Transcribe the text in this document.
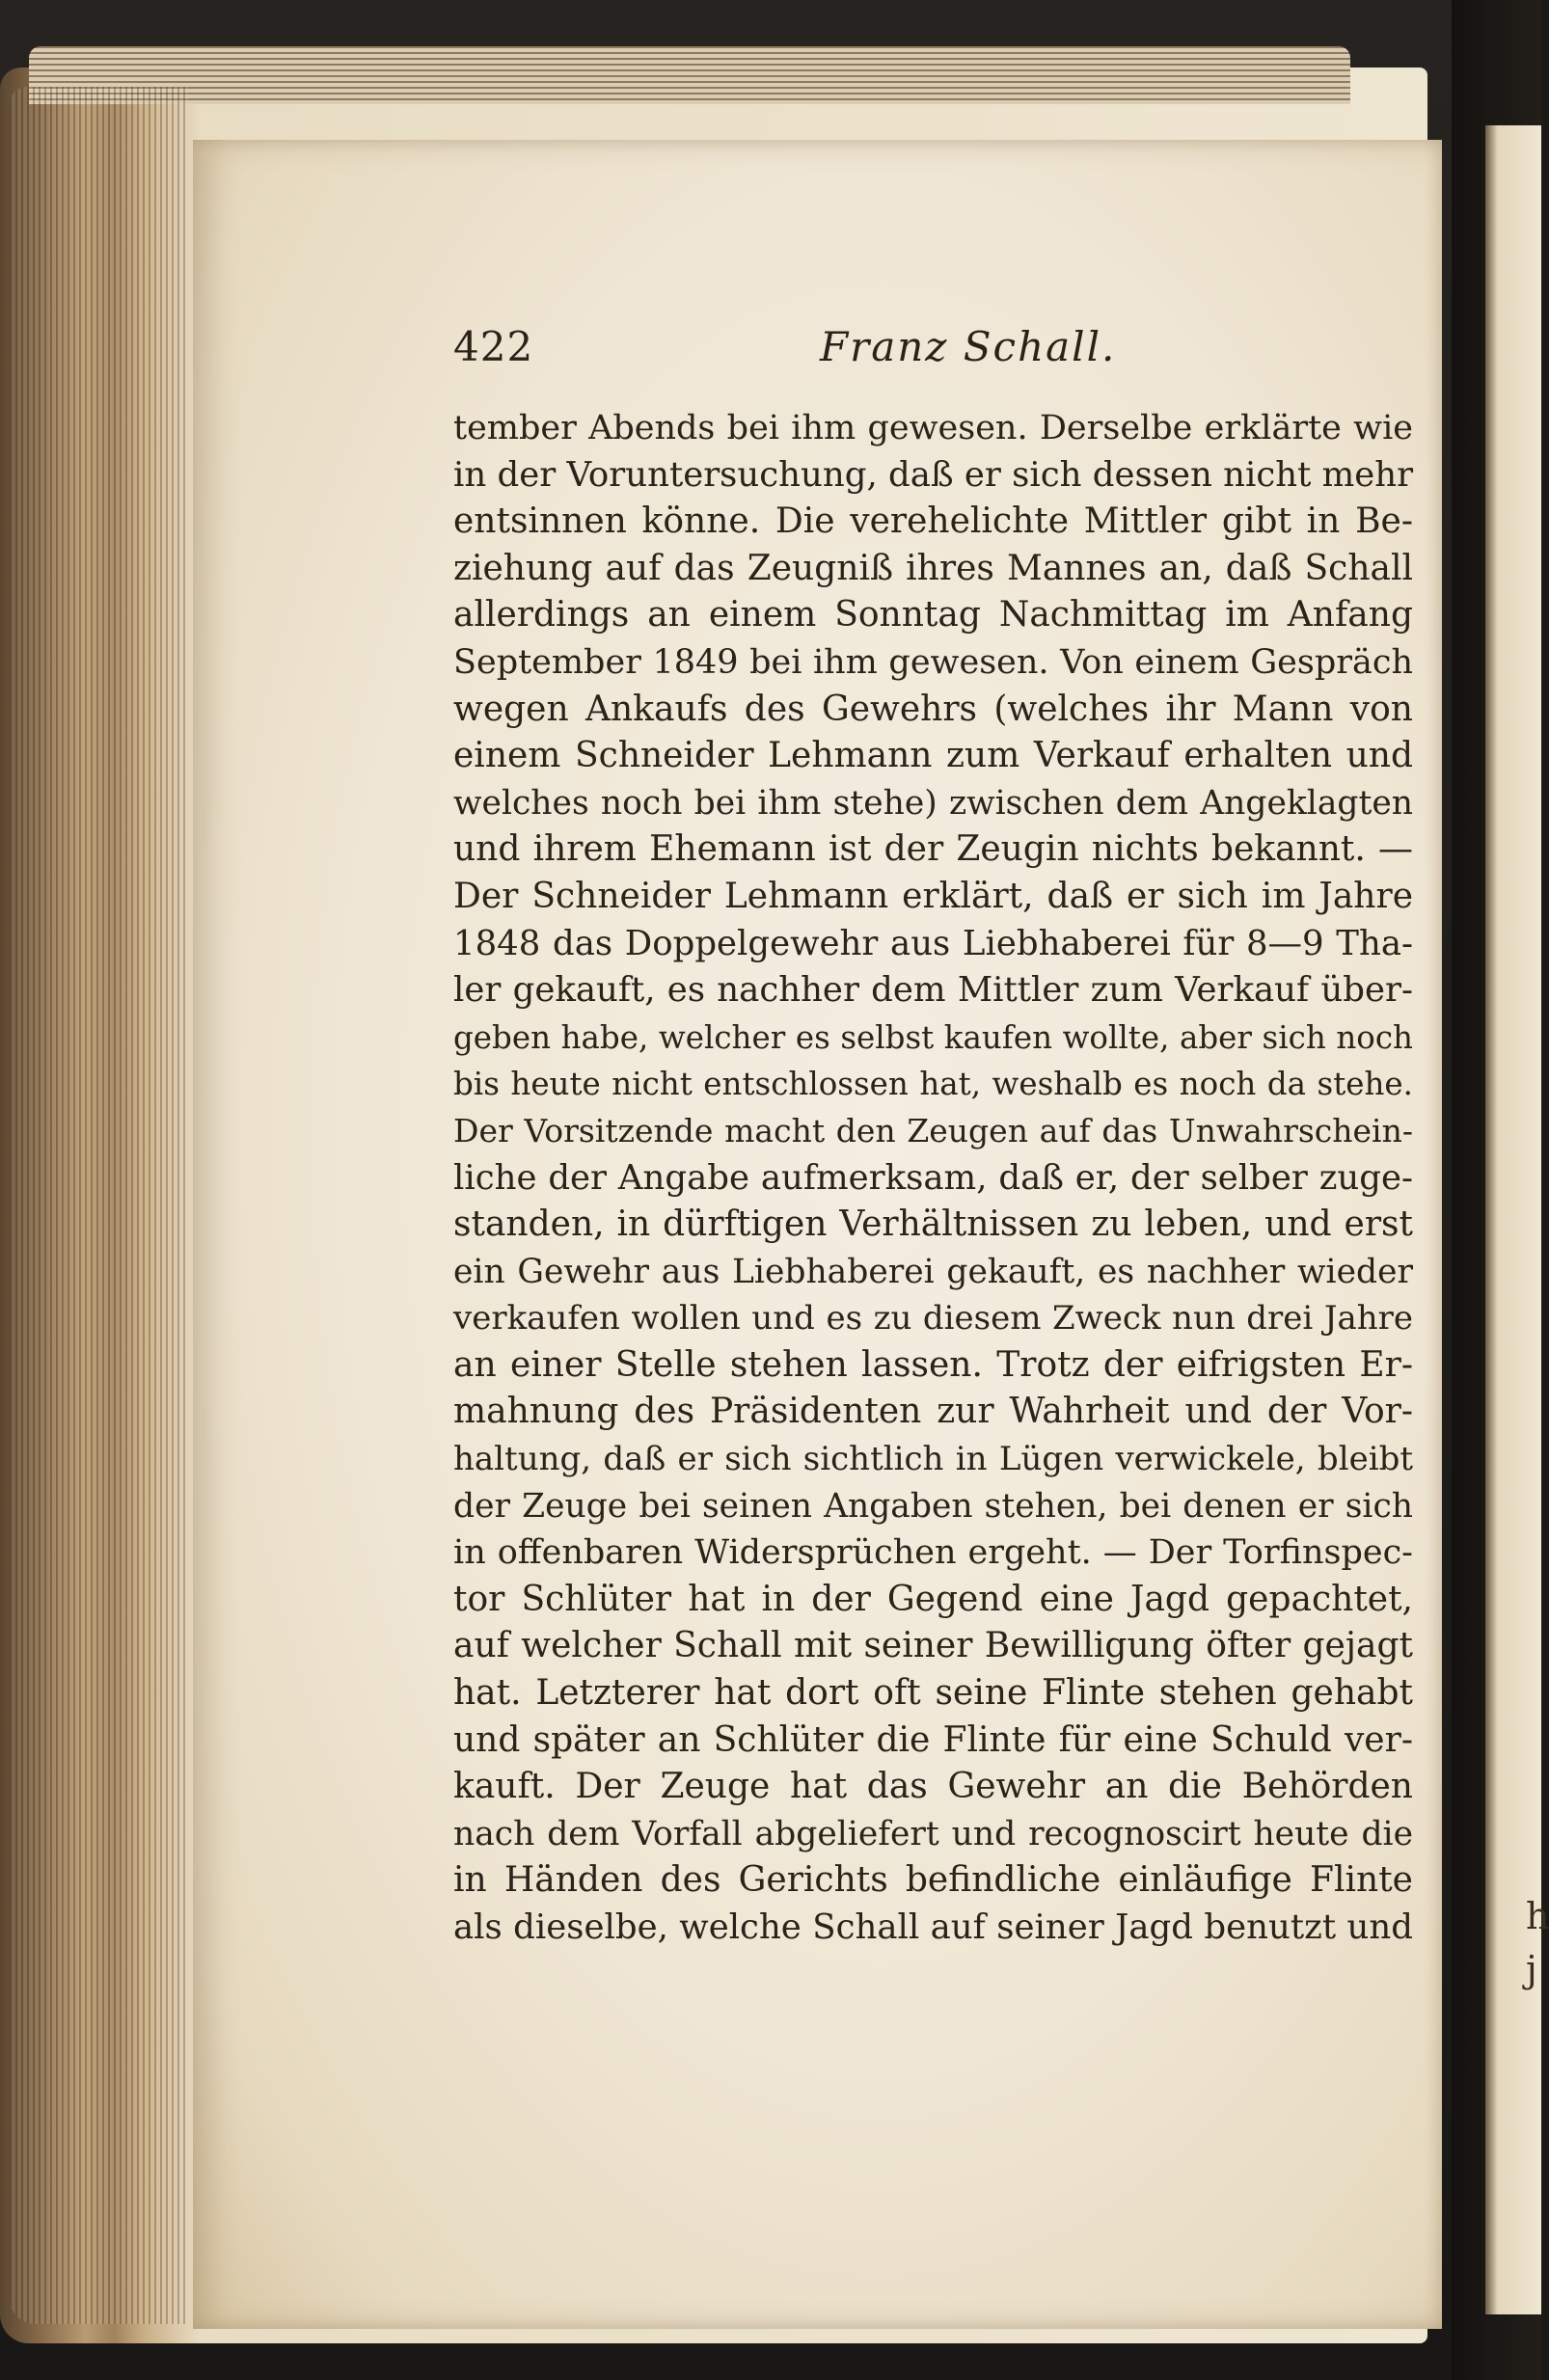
h
j
422	Franz Schall.
tember Abends bei ihm gewesen. Derselbe erklärte wie
in der Voruntersuchung, daß er sich dessen nicht mehr
entsinnen könne. Die verehelichte Mittler gibt in Be-
ziehung auf das Zeugniß ihres Mannes an, daß Schall
allerdings an einem Sonntag Nachmittag im Anfang
September 1849 bei ihm gewesen. Von einem Gespräch
wegen Ankaufs des Gewehrs (welches ihr Mann von
einem Schneider Lehmann zum Verkauf erhalten und
welches noch bei ihm stehe) zwischen dem Angeklagten
und ihrem Ehemann ist der Zeugin nichts bekannt. —
Der Schneider Lehmann erklärt, daß er sich im Jahre
1848 das Doppelgewehr aus Liebhaberei für 8—9 Tha-
ler gekauft, es nachher dem Mittler zum Verkauf über-
geben habe, welcher es selbst kaufen wollte, aber sich noch
bis heute nicht entschlossen hat, weshalb es noch da stehe.
Der Vorsitzende macht den Zeugen auf das Unwahrschein-
liche der Angabe aufmerksam, daß er, der selber zuge-
standen, in dürftigen Verhältnissen zu leben, und erst
ein Gewehr aus Liebhaberei gekauft, es nachher wieder
verkaufen wollen und es zu diesem Zweck nun drei Jahre
an einer Stelle stehen lassen. Trotz der eifrigsten Er-
mahnung des Präsidenten zur Wahrheit und der Vor-
haltung, daß er sich sichtlich in Lügen verwickele, bleibt
der Zeuge bei seinen Angaben stehen, bei denen er sich
in offenbaren Widersprüchen ergeht. — Der Torfinspec-
tor Schlüter hat in der Gegend eine Jagd gepachtet,
auf welcher Schall mit seiner Bewilligung öfter gejagt
hat. Letzterer hat dort oft seine Flinte stehen gehabt
und später an Schlüter die Flinte für eine Schuld ver-
kauft. Der Zeuge hat das Gewehr an die Behörden
nach dem Vorfall abgeliefert und recognoscirt heute die
in Händen des Gerichts befindliche einläufige Flinte
als dieselbe, welche Schall auf seiner Jagd benutzt und
